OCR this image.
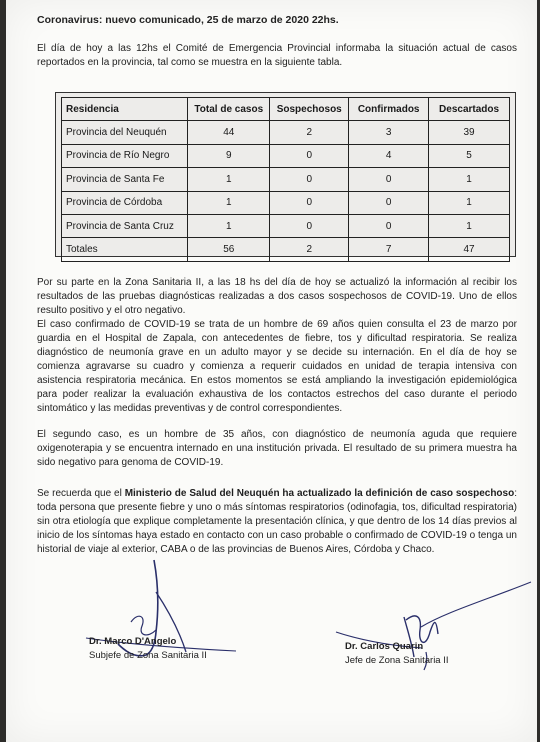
Coronavirus: nuevo comunicado, 25 de marzo de 2020 22hs.

El día de hoy a las 12hs el Comité de Emergencia Provincial informaba la situación actual de casos reportados en la provincia, tal como se muestra en la siguiente tabla.

Residencia	Total de casos	Sospechosos	Confirmados	Descartados
Provincia del Neuquén	44	2	3	39
Provincia de Río Negro	9	0	4	5
Provincia de Santa Fe	1	0	0	1
Provincia de Córdoba	1	0	0	1
Provincia de Santa Cruz	1	0	0	1
Totales	56	2	7	47

Por su parte en la Zona Sanitaria II, a las 18 hs del día de hoy se actualizó la información al recibir los resultados de las pruebas diagnósticas realizadas a dos casos sospechosos de COVID-19. Uno de ellos resulto positivo y el otro negativo.

El caso confirmado de COVID-19 se trata de un hombre de 69 años quien consulta el 23 de marzo por guardia en el Hospital de Zapala, con antecedentes de fiebre, tos y dificultad respiratoria. Se realiza diagnóstico de neumonía grave en un adulto mayor y se decide su internación. En el día de hoy se comienza agravarse su cuadro y comienza a requerir cuidados en unidad de terapia intensiva con asistencia respiratoria mecánica. En estos momentos se está ampliando la investigación epidemiológica para poder realizar la evaluación exhaustiva de los contactos estrechos del caso durante el periodo sintomático y las medidas preventivas y de control correspondientes.

El segundo caso, es un hombre de 35 años, con diagnóstico de neumonía aguda que requiere oxigenoterapia y se encuentra internado en una institución privada. El resultado de su primera muestra ha sido negativo para genoma de COVID-19.

Se recuerda que el Ministerio de Salud del Neuquén ha actualizado la definición de caso sospechoso: toda persona que presente fiebre y uno o más síntomas respiratorios (odinofagia, tos, dificultad respiratoria) sin otra etiología que explique completamente la presentación clínica, y que dentro de los 14 días previos al inicio de los síntomas haya estado en contacto con un caso probable o confirmado de COVID-19 o tenga un historial de viaje al exterior, CABA o de las provincias de Buenos Aires, Córdoba y Chaco.

Dr. Marco D'Angelo
Subjefe de Zona Sanitaria II
Dr. Carlos Quarin
Jefe de Zona Sanitaria II
